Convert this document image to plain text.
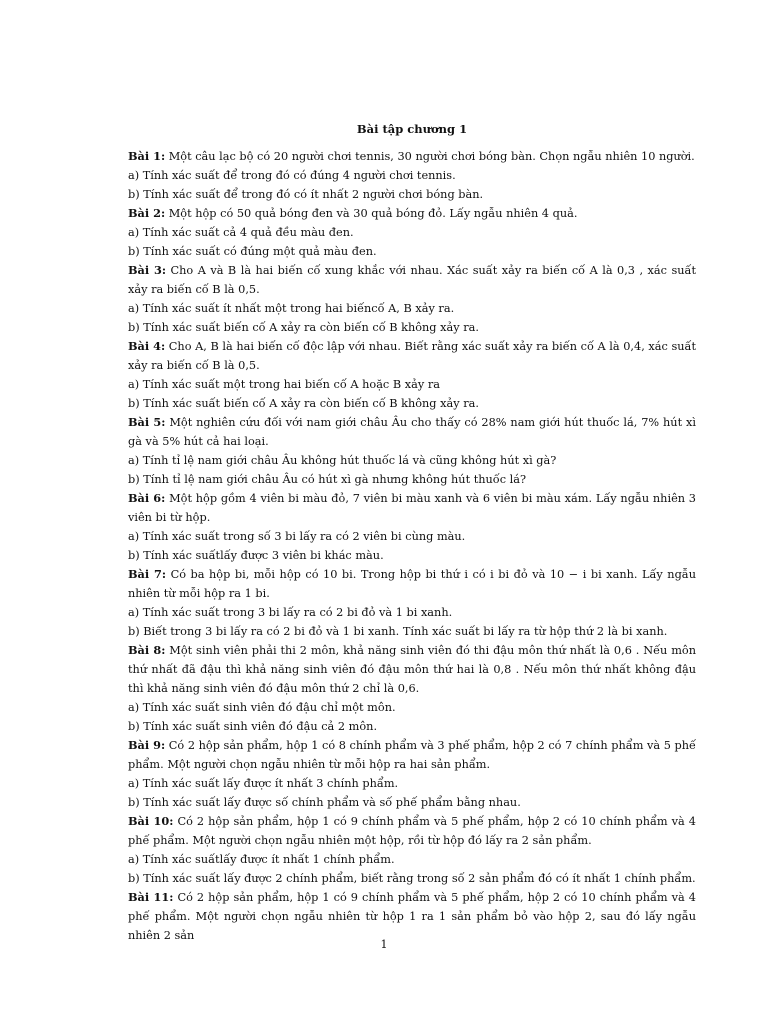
Bài tập chương 1
Bài 1: Một câu lạc bộ có 20 người chơi tennis, 30 người chơi bóng bàn. Chọn ngẫu nhiên 10 người.
a) Tính xác suất để trong đó có đúng 4 người chơi tennis.
b) Tính xác suất để trong đó có ít nhất 2 người chơi bóng bàn.
Bài 2: Một hộp có 50 quả bóng đen và 30 quả bóng đỏ. Lấy ngẫu nhiên 4 quả.
a) Tính xác suất cả 4 quả đều màu đen.
b) Tính xác suất có đúng một quả màu đen.
Bài 3: Cho A và B là hai biến cố xung khắc với nhau. Xác suất xảy ra biến cố A là 0,3 , xác suất xảy ra biến cố B là 0,5.
a) Tính xác suất ít nhất một trong hai biếncố A, B xảy ra.
b) Tính xác suất biến cố A xảy ra còn biến cố B không xảy ra.
Bài 4: Cho A, B là hai biến cố độc lập với nhau. Biết rằng xác suất xảy ra biến cố A là 0,4, xác suất xảy ra biến cố B là 0,5.
a) Tính xác suất một trong hai biến cố A hoặc B xảy ra
b) Tính xác suất biến cố A xảy ra còn biến cố B không xảy ra.
Bài 5: Một nghiên cứu đối với nam giới châu Âu cho thấy có 28% nam giới hút thuốc lá, 7% hút xì gà và 5% hút cả hai loại.
a) Tính tỉ lệ nam giới châu Âu không hút thuốc lá và cũng không hút xì gà?
b) Tính tỉ lệ nam giới châu Âu có hút xì gà nhưng không hút thuốc lá?
Bài 6: Một hộp gồm 4 viên bi màu đỏ, 7 viên bi màu xanh và 6 viên bi màu xám. Lấy ngẫu nhiên 3 viên bi từ hộp.
a) Tính xác suất trong số 3 bi lấy ra có 2 viên bi cùng màu.
b) Tính xác suấtlấy được 3 viên bi khác màu.
Bài 7: Có ba hộp bi, mỗi hộp có 10 bi. Trong hộp bi thứ i có i bi đỏ và 10 − i bi xanh. Lấy ngẫu nhiên từ mỗi hộp ra 1 bi.
a) Tính xác suất trong 3 bi lấy ra có 2 bi đỏ và 1 bi xanh.
b) Biết trong 3 bi lấy ra có 2 bi đỏ và 1 bi xanh. Tính xác suất bi lấy ra từ hộp thứ 2 là bi xanh.
Bài 8: Một sinh viên phải thi 2 môn, khả năng sinh viên đó thi đậu môn thứ nhất là 0,6 . Nếu môn thứ nhất đã đậu thì khả năng sinh viên đó đậu môn thứ hai là 0,8 . Nếu môn thứ nhất không đậu thì khả năng sinh viên đó đậu môn thứ 2 chỉ là 0,6.
a) Tính xác suất sinh viên đó đậu chỉ một môn.
b) Tính xác suất sinh viên đó đậu cả 2 môn.
Bài 9: Có 2 hộp sản phẩm, hộp 1 có 8 chính phẩm và 3 phế phẩm, hộp 2 có 7 chính phẩm và 5 phế phẩm. Một người chọn ngẫu nhiên từ mỗi hộp ra hai sản phẩm.
a) Tính xác suất lấy được ít nhất 3 chính phẩm.
b) Tính xác suất lấy được số chính phẩm và số phế phẩm bằng nhau.
Bài 10: Có 2 hộp sản phẩm, hộp 1 có 9 chính phẩm và 5 phế phẩm, hộp 2 có 10 chính phẩm và 4 phế phẩm. Một người chọn ngẫu nhiên một hộp, rồi từ hộp đó lấy ra 2 sản phẩm.
a) Tính xác suấtlấy được ít nhất 1 chính phẩm.
b) Tính xác suất lấy được 2 chính phẩm, biết rằng trong số 2 sản phẩm đó có ít nhất 1 chính phẩm.
Bài 11: Có 2 hộp sản phẩm, hộp 1 có 9 chính phẩm và 5 phế phẩm, hộp 2 có 10 chính phẩm và 4 phế phẩm. Một người chọn ngẫu nhiên từ hộp 1 ra 1 sản phẩm bỏ vào hộp 2, sau đó lấy ngẫu nhiên 2 sản
1
